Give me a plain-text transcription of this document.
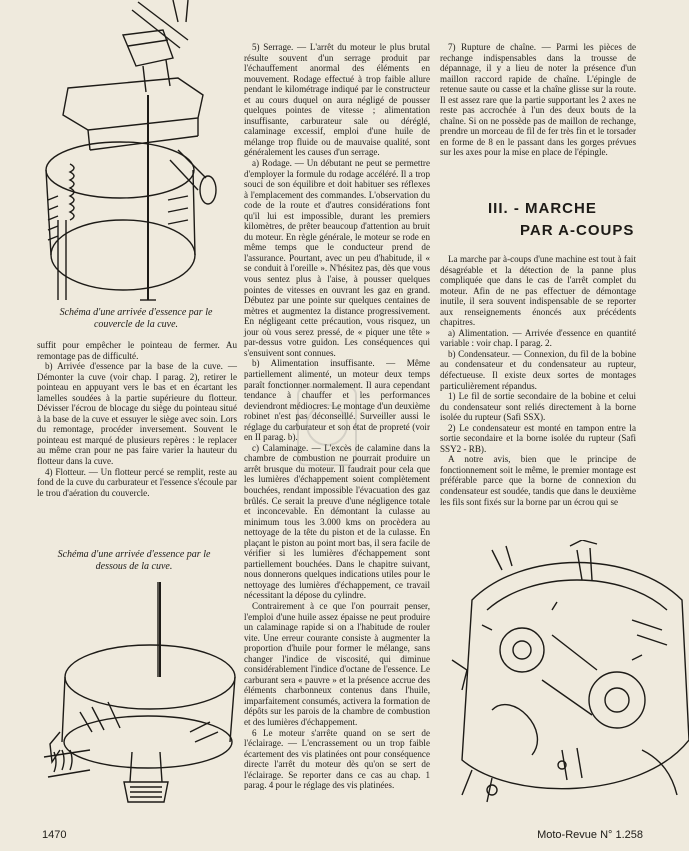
Schéma d'une arrivée d'essence par le couvercle de la cuve.

suffit pour empêcher le pointeau de fermer. Au remontage pas de difficulté.

b) Arrivée d'essence par la base de la cuve. — Démonter la cuve (voir chap. I parag. 2), retirer le pointeau en appuyant vers le bas et en écartant les lamelles soudées à la partie supérieure du flotteur. Dévisser l'écrou de blocage du siège du pointeau situé à la base de la cuve et essuyer le siège avec soin. Lors du remontage, procéder inversement. Souvent le pointeau est marqué de plusieurs repères : le replacer au même cran pour ne pas faire varier la hauteur du flotteur dans la cuve.

4) Flotteur. — Un flotteur percé se remplit, reste au fond de la cuve du carburateur et l'essence s'écoule par le trou d'aération du couvercle.

Schéma d'une arrivée d'essence par le dessous de la cuve.

5) Serrage. — L'arrêt du moteur le plus brutal résulte souvent d'un serrage produit par l'échauffement anormal des éléments en mouvement. Rodage effectué à trop faible allure pendant le kilométrage indiqué par le constructeur et au cours duquel on aura négligé de pousser quelques pointes de vitesse ; alimentation insuffisante, carburateur sale ou déréglé, calaminage excessif, emploi d'une huile de mélange trop fluide ou de mauvaise qualité, sont généralement les causes d'un serrage.

a) Rodage. — Un débutant ne peut se permettre d'employer la formule du rodage accéléré. Il a trop souci de son équilibre et doit habituer ses réflexes à l'emplacement des commandes. L'observation du code de la route et d'autres considérations font qu'il lui est impossible, durant les premiers kilomètres, de prêter beaucoup d'attention au bruit du moteur. En règle générale, le moteur se rode en même temps que le conducteur prend de l'assurance. Pourtant, avec un peu d'habitude, il « se conduit à l'oreille ». N'hésitez pas, dès que vous vous sentez plus à l'aise, à pousser quelques pointes de vitesses en ouvrant les gaz en grand. Débutez par une pointe sur quelques centaines de mètres et augmentez la distance progressivement. En négligeant cette précaution, vous risquez, un jour où vous serez pressé, de « piquer une tête » par-dessus votre guidon. Les conséquences qui s'ensuivent sont connues.

b) Alimentation insuffisante. — Même partiellement alimenté, un moteur deux temps paraît fonctionner normalement. Il aura cependant tendance à chauffer et les performances deviendront médiocres. Le montage d'un deuxième robinet n'est pas déconseillé. Surveiller aussi le réglage du carburateur et son état de propreté (voir en II parag. b).

c) Calaminage. — L'excès de calamine dans la chambre de combustion ne pourrait produire un arrêt brusque du moteur. Il faudrait pour cela que les lumières d'échappement soient complètement bouchées, rendant impossible l'évacuation des gaz brûlés. Ce serait la preuve d'une négligence totale et inconcevable. En démontant la culasse au minimum tous les 3.000 kms on procèdera au nettoyage de la tête du piston et de la culasse. En plaçant le piston au point mort bas, il sera facile de vérifier si les lumières d'échappement sont partiellement bouchées. Dans le chapitre suivant, nous donnerons quelques indications utiles pour le nettoyage des lumières d'échappement, ce travail nécessitant la dépose du cylindre.

Contrairement à ce que l'on pourrait penser, l'emploi d'une huile assez épaisse ne peut produire un calaminage rapide si on a l'habitude de rouler vite. Une erreur courante consiste à augmenter la proportion d'huile pour former le mélange, sans changer l'indice de viscosité, qui diminue considérablement l'indice d'octane de l'essence. Le carburant sera « pauvre » et la présence accrue des éléments charbonneux contenus dans l'huile, imparfaitement consumés, activera la formation de dépôts sur les parois de la chambre de combustion et des lumières d'échappement.

6 Le moteur s'arrête quand on se sert de l'éclairage. — L'encrassement ou un trop faible écartement des vis platinées ont pour conséquence directe l'arrêt du moteur dès qu'on se sert de l'éclairage. Se reporter dans ce cas au chap. 1 parag. 4 pour le réglage des vis platinées.

7) Rupture de chaîne. — Parmi les pièces de rechange indispensables dans la trousse de dépannage, il y a lieu de noter la présence d'un maillon raccord rapide de chaîne. L'épingle de retenue saute ou casse et la chaîne glisse sur la route. Il est assez rare que la partie supportant les 2 axes ne reste pas accrochée à l'un des deux bouts de la chaîne. Si on ne possède pas de maillon de rechange, prendre un morceau de fil de fer très fin et le torsader en forme de 8 en le passant dans les gorges prévues sur les axes pour la mise en place de l'épingle.

III. - MARCHE
PAR A-COUPS

La marche par à-coups d'une machine est tout à fait désagréable et la détection de la panne plus compliquée que dans le cas de l'arrêt complet du moteur. Afin de ne pas effectuer de démontage inutile, il sera souvent indispensable de se reporter aux renseignements énoncés aux précédents chapitres.

a) Alimentation. — Arrivée d'essence en quantité variable : voir chap. I parag. 2.

b) Condensateur. — Connexion, du fil de la bobine au condensateur et du condensateur au rupteur, défectueuse. Il existe deux sortes de montages particulièrement répandus.

1) Le fil de sortie secondaire de la bobine et celui du condensateur sont reliés directement à la borne isolée du rupteur (Safi SSX).

2) Le condensateur est monté en tampon entre la sortie secondaire et la borne isolée du rupteur (Safi SSY2 - RB).

A notre avis, bien que le principe de fonctionnement soit le même, le premier montage est préférable parce que la borne de connexion du condensateur est soudée, tandis que dans le deuxième les fils sont fixés sur la borne par un écrou qui se

1470	Moto-Revue N° 1.258
